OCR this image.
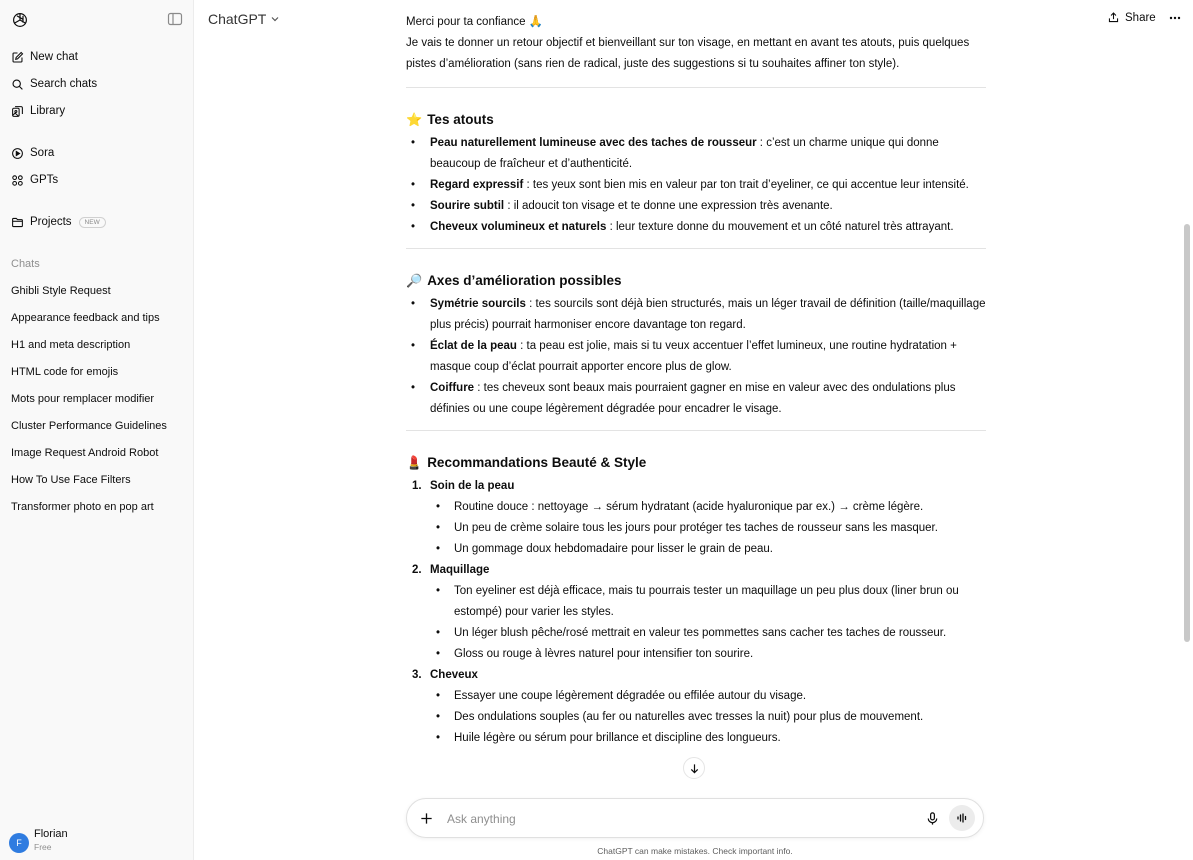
New chat
Search chats
Library
Sora
GPTs
Projects	NEW
Chats
Ghibli Style Request
Appearance feedback and tips
H1 and meta description
HTML code for emojis
Mots pour remplacer modifier
Cluster Performance Guidelines
Image Request Android Robot
How To Use Face Filters
Transformer photo en pop art
F
Florian
Free
ChatGPT	Share

Merci pour ta confiance 🙏

Je vais te donner un retour objectif et bienveillant sur ton visage, en mettant en avant tes atouts, puis quelques pistes d’amélioration (sans rien de radical, juste des suggestions si tu souhaites affiner ton style).

⭐ Tes atouts
• Peau naturellement lumineuse avec des taches de rousseur : c’est un charme unique qui donne beaucoup de fraîcheur et d’authenticité.
• Regard expressif : tes yeux sont bien mis en valeur par ton trait d’eyeliner, ce qui accentue leur intensité.
• Sourire subtil : il adoucit ton visage et te donne une expression très avenante.
• Cheveux volumineux et naturels : leur texture donne du mouvement et un côté naturel très attrayant.
🔎 Axes d’amélioration possibles
• Symétrie sourcils : tes sourcils sont déjà bien structurés, mais un léger travail de définition (taille/maquillage plus précis) pourrait harmoniser encore davantage ton regard.
• Éclat de la peau : ta peau est jolie, mais si tu veux accentuer l’effet lumineux, une routine hydratation + masque coup d’éclat pourrait apporter encore plus de glow.
• Coiffure : tes cheveux sont beaux mais pourraient gagner en mise en valeur avec des ondulations plus définies ou une coupe légèrement dégradée pour encadrer le visage.
💄 Recommandations Beauté & Style
1. Soin de la peau
• Routine douce : nettoyage → sérum hydratant (acide hyaluronique par ex.) → crème légère.
• Un peu de crème solaire tous les jours pour protéger tes taches de rousseur sans les masquer.
• Un gommage doux hebdomadaire pour lisser le grain de peau.
2. Maquillage
• Ton eyeliner est déjà efficace, mais tu pourrais tester un maquillage un peu plus doux (liner brun ou estompé) pour varier les styles.
• Un léger blush pêche/rosé mettrait en valeur tes pommettes sans cacher tes taches de rousseur.
• Gloss ou rouge à lèvres naturel pour intensifier ton sourire.
3. Cheveux
• Essayer une coupe légèrement dégradée ou effilée autour du visage.
• Des ondulations souples (au fer ou naturelles avec tresses la nuit) pour plus de mouvement.
• Huile légère ou sérum pour brillance et discipline des longueurs.
Ask anything
ChatGPT can make mistakes. Check important info.
